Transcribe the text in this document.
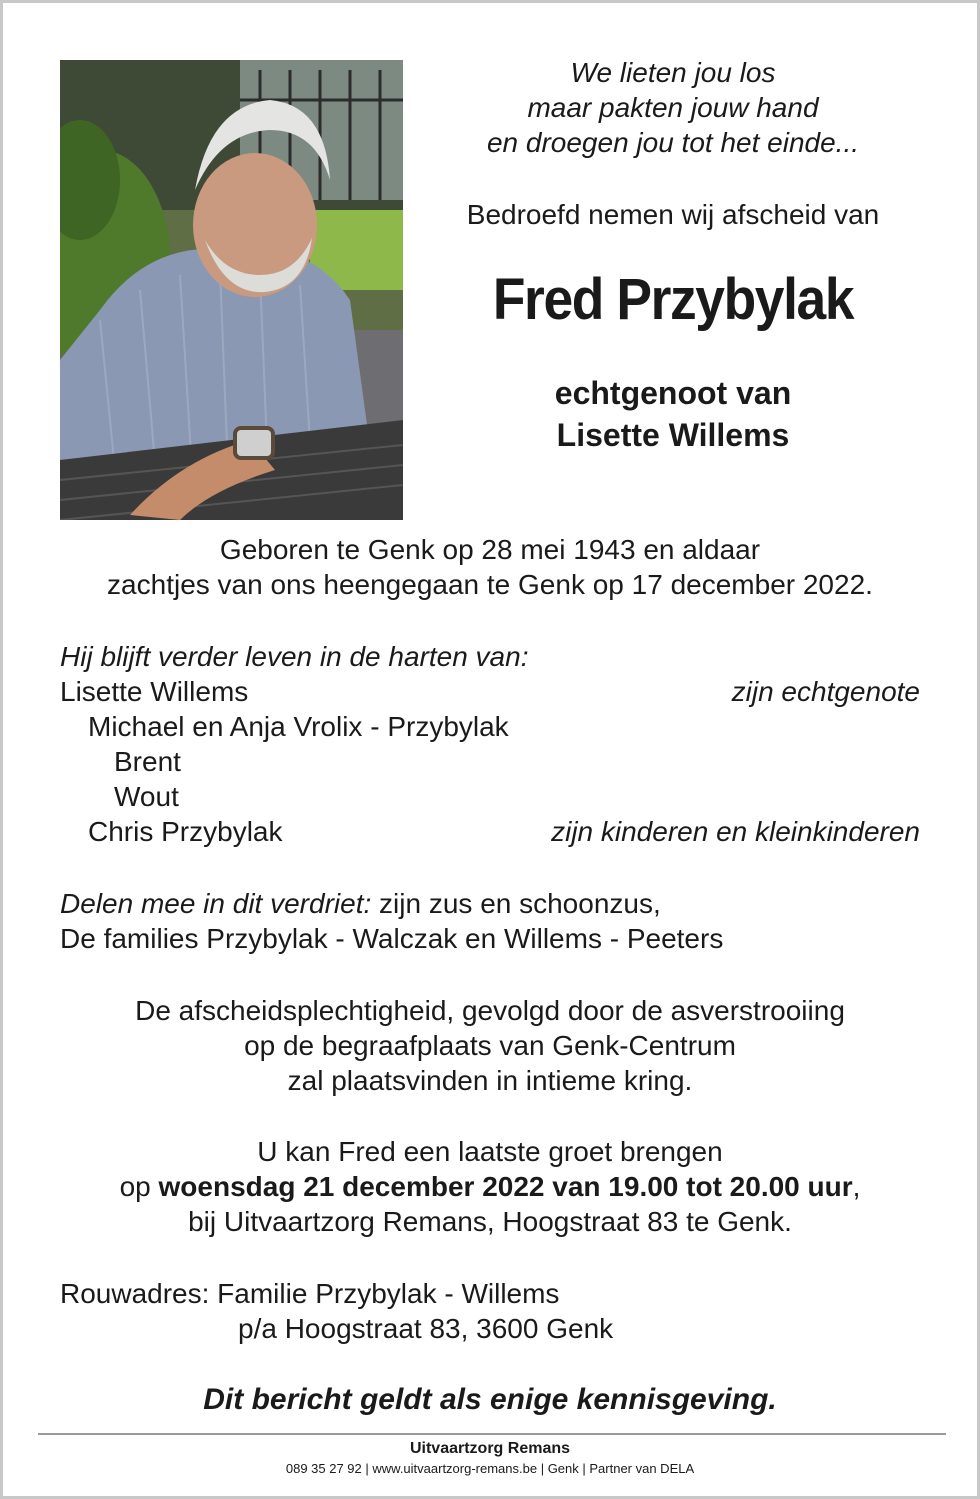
We lieten jou los
maar pakten jouw hand
en droegen jou tot het einde...
Bedroefd nemen wij afscheid van
Fred Przybylak
echtgenoot van
Lisette Willems
Geboren te Genk op 28 mei 1943 en aldaar
zachtjes van ons heengegaan te Genk op 17 december 2022.
Hij blijft verder leven in de harten van:
Lisette Willems	zijn echtgenote
Michael en Anja Vrolix - Przybylak
Brent
Wout
Chris Przybylak	zijn kinderen en kleinkinderen
Delen mee in dit verdriet: zijn zus en schoonzus,
De families Przybylak - Walczak en Willems - Peeters
De afscheidsplechtigheid, gevolgd door de asverstrooiing
op de begraafplaats van Genk-Centrum
zal plaatsvinden in intieme kring.
U kan Fred een laatste groet brengen
op woensdag 21 december 2022 van 19.00 tot 20.00 uur,
bij Uitvaartzorg Remans, Hoogstraat 83 te Genk.
Rouwadres: Familie Przybylak - Willems
p/a Hoogstraat 83, 3600 Genk
Dit bericht geldt als enige kennisgeving.
Uitvaartzorg Remans
089 35 27 92 | www.uitvaartzorg-remans.be | Genk | Partner van DELA
